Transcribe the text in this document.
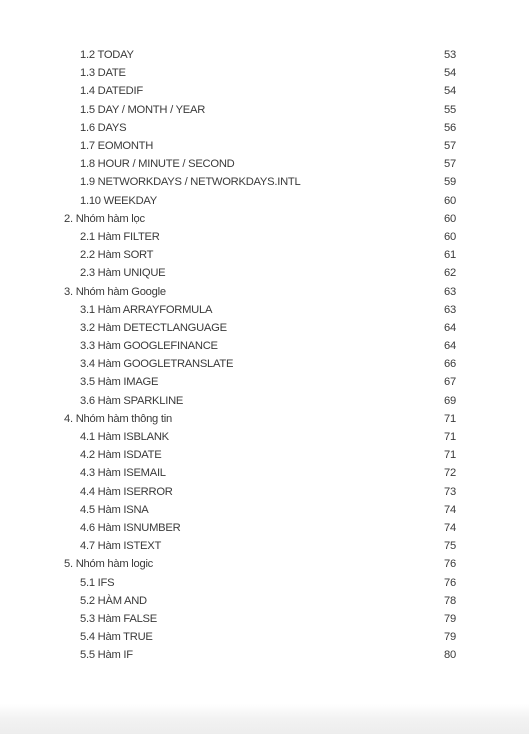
1.2 TODAY	53
1.3 DATE	54
1.4 DATEDIF	54
1.5 DAY / MONTH / YEAR	55
1.6 DAYS	56
1.7 EOMONTH	57
1.8 HOUR / MINUTE / SECOND	57
1.9 NETWORKDAYS / NETWORKDAYS.INTL	59
1.10 WEEKDAY	60
2. Nhóm hàm lọc	60
2.1 Hàm FILTER	60
2.2 Hàm SORT	61
2.3 Hàm UNIQUE	62
3. Nhóm hàm Google	63
3.1 Hàm ARRAYFORMULA	63
3.2 Hàm DETECTLANGUAGE	64
3.3 Hàm GOOGLEFINANCE	64
3.4 Hàm GOOGLETRANSLATE	66
3.5 Hàm IMAGE	67
3.6 Hàm SPARKLINE	69
4. Nhóm hàm thông tin	71
4.1 Hàm ISBLANK	71
4.2 Hàm ISDATE	71
4.3 Hàm ISEMAIL	72
4.4 Hàm ISERROR	73
4.5 Hàm ISNA	74
4.6 Hàm ISNUMBER	74
4.7 Hàm ISTEXT	75
5. Nhóm hàm logic	76
5.1 IFS	76
5.2 HÀM AND	78
5.3 Hàm FALSE	79
5.4 Hàm TRUE	79
5.5 Hàm IF	80
